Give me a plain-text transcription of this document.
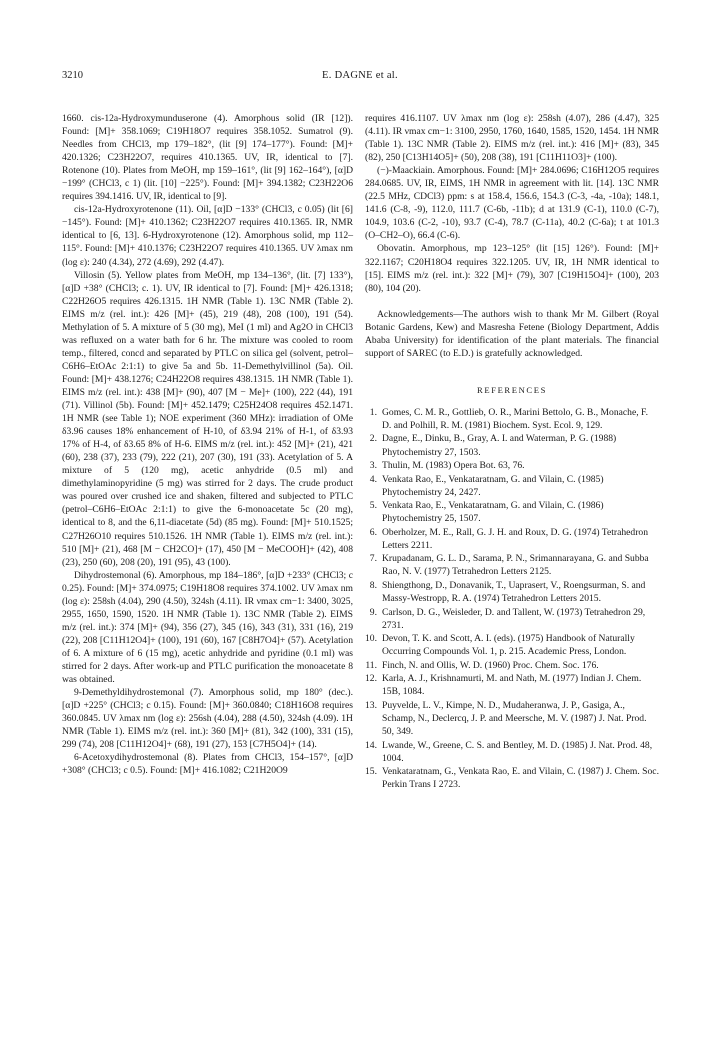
3210	E. DAGNE et al.

1660. cis-12a-Hydroxymunduserone (4). Amorphous solid (IR [12]). Found: [M]+ 358.1069; C19H18O7 requires 358.1052. Sumatrol (9). Needles from CHCl3, mp 179–182°, (lit [9] 174–177°). Found: [M]+ 420.1326; C23H22O7, requires 410.1365. UV, IR, identical to [7]. Rotenone (10). Plates from MeOH, mp 159–161°, (lit [9] 162–164°), [α]D −199° (CHCl3, c 1) (lit. [10] −225°). Found: [M]+ 394.1382; C23H22O6 requires 394.1416. UV, IR, identical to [9].

cis-12a-Hydroxyrotenone (11). Oil, [α]D −133° (CHCl3, c 0.05) (lit [6] −145°). Found: [M]+ 410.1362; C23H22O7 requires 410.1365. IR, NMR identical to [6, 13]. 6-Hydroxyrotenone (12). Amorphous solid, mp 112–115°. Found: [M]+ 410.1376; C23H22O7 requires 410.1365. UV λmax nm (log ε): 240 (4.34), 272 (4.69), 292 (4.47).

Villosin (5). Yellow plates from MeOH, mp 134–136°, (lit. [7] 133°), [α]D +38° (CHCl3; c. 1). UV, IR identical to [7]. Found: [M]+ 426.1318; C22H26O5 requires 426.1315. 1H NMR (Table 1). 13C NMR (Table 2). EIMS m/z (rel. int.): 426 [M]+ (45), 219 (48), 208 (100), 191 (54). Methylation of 5. A mixture of 5 (30 mg), MeI (1 ml) and Ag2O in CHCl3 was refluxed on a water bath for 6 hr. The mixture was cooled to room temp., filtered, concd and separated by PTLC on silica gel (solvent, petrol–C6H6–EtOAc 2:1:1) to give 5a and 5b. 11-Demethylvillinol (5a). Oil. Found: [M]+ 438.1276; C24H22O8 requires 438.1315. 1H NMR (Table 1). EIMS m/z (rel. int.): 438 [M]+ (90), 407 [M − Me]+ (100), 222 (44), 191 (71). Villinol (5b). Found: [M]+ 452.1479; C25H24O8 requires 452.1471. 1H NMR (see Table 1); NOE experiment (360 MHz): irradiation of OMe δ3.96 causes 18% enhancement of H-10, of δ3.94 21% of H-1, of δ3.93 17% of H-4, of δ3.65 8% of H-6. EIMS m/z (rel. int.): 452 [M]+ (21), 421 (60), 238 (37), 233 (79), 222 (21), 207 (30), 191 (33). Acetylation of 5. A mixture of 5 (120 mg), acetic anhydride (0.5 ml) and dimethylaminopyridine (5 mg) was stirred for 2 days. The crude product was poured over crushed ice and shaken, filtered and subjected to PTLC (petrol–C6H6–EtOAc 2:1:1) to give the 6-monoacetate 5c (20 mg), identical to 8, and the 6,11-diacetate (5d) (85 mg). Found: [M]+ 510.1525; C27H26O10 requires 510.1526. 1H NMR (Table 1). EIMS m/z (rel. int.): 510 [M]+ (21), 468 [M − CH2CO]+ (17), 450 [M − MeCOOH]+ (42), 408 (23), 250 (60), 208 (20), 191 (95), 43 (100).

Dihydrostemonal (6). Amorphous, mp 184–186°, [α]D +233° (CHCl3; c 0.25). Found: [M]+ 374.0975; C19H18O8 requires 374.1002. UV λmax nm (log ε): 258sh (4.04), 290 (4.50), 324sh (4.11). IR νmax cm−1: 3400, 3025, 2955, 1650, 1590, 1520. 1H NMR (Table 1). 13C NMR (Table 2). EIMS m/z (rel. int.): 374 [M]+ (94), 356 (27), 345 (16), 343 (31), 331 (16), 219 (22), 208 [C11H12O4]+ (100), 191 (60), 167 [C8H7O4]+ (57). Acetylation of 6. A mixture of 6 (15 mg), acetic anhydride and pyridine (0.1 ml) was stirred for 2 days. After work-up and PTLC purification the monoacetate 8 was obtained.

9-Demethyldihydrostemonal (7). Amorphous solid, mp 180° (dec.). [α]D +225° (CHCl3; c 0.15). Found: [M]+ 360.0840; C18H16O8 requires 360.0845. UV λmax nm (log ε): 256sh (4.04), 288 (4.50), 324sh (4.09). 1H NMR (Table 1). EIMS m/z (rel. int.): 360 [M]+ (81), 342 (100), 331 (15), 299 (74), 208 [C11H12O4]+ (68), 191 (27), 153 [C7H5O4]+ (14).

6-Acetoxydihydrostemonal (8). Plates from CHCl3, 154–157°, [α]D +308° (CHCl3; c 0.5). Found: [M]+ 416.1082; C21H20O9

requires 416.1107. UV λmax nm (log ε): 258sh (4.07), 286 (4.47), 325 (4.11). IR νmax cm−1: 3100, 2950, 1760, 1640, 1585, 1520, 1454. 1H NMR (Table 1). 13C NMR (Table 2). EIMS m/z (rel. int.): 416 [M]+ (83), 345 (82), 250 [C13H14O5]+ (50), 208 (38), 191 [C11H11O3]+ (100).

(−)-Maackiain. Amorphous. Found: [M]+ 284.0696; C16H12O5 requires 284.0685. UV, IR, EIMS, 1H NMR in agreement with lit. [14]. 13C NMR (22.5 MHz, CDCl3) ppm: s at 158.4, 156.6, 154.3 (C-3, -4a, -10a); 148.1, 141.6 (C-8, -9), 112.0, 111.7 (C-6b, -11b); d at 131.9 (C-1), 110.0 (C-7), 104.9, 103.6 (C-2, -10), 93.7 (C-4), 78.7 (C-11a), 40.2 (C-6a); t at 101.3 (O–CH2–O), 66.4 (C-6).

Obovatin. Amorphous, mp 123–125° (lit [15] 126°). Found: [M]+ 322.1167; C20H18O4 requires 322.1205. UV, IR, 1H NMR identical to [15]. EIMS m/z (rel. int.): 322 [M]+ (79), 307 [C19H15O4]+ (100), 203 (80), 104 (20).

Acknowledgements—The authors wish to thank Mr M. Gilbert (Royal Botanic Gardens, Kew) and Masresha Fetene (Biology Department, Addis Ababa University) for identification of the plant materials. The financial support of SAREC (to E.D.) is gratefully acknowledged.

REFERENCES
1. Gomes, C. M. R., Gottlieb, O. R., Marini Bettolo, G. B., Monache, F. D. and Polhill, R. M. (1981) Biochem. Syst. Ecol. 9, 129.
2. Dagne, E., Dinku, B., Gray, A. I. and Waterman, P. G. (1988) Phytochemistry 27, 1503.
3. Thulin, M. (1983) Opera Bot. 63, 76.
4. Venkata Rao, E., Venkataratnam, G. and Vilain, C. (1985) Phytochemistry 24, 2427.
5. Venkata Rao, E., Venkataratnam, G. and Vilain, C. (1986) Phytochemistry 25, 1507.
6. Oberholzer, M. E., Rall, G. J. H. and Roux, D. G. (1974) Tetrahedron Letters 2211.
7. Krupadanam, G. L. D., Sarama, P. N., Srimannarayana, G. and Subba Rao, N. V. (1977) Tetrahedron Letters 2125.
8. Shiengthong, D., Donavanik, T., Uaprasert, V., Roengsurman, S. and Massy-Westropp, R. A. (1974) Tetrahedron Letters 2015.
9. Carlson, D. G., Weisleder, D. and Tallent, W. (1973) Tetrahedron 29, 2731.
10. Devon, T. K. and Scott, A. I. (eds). (1975) Handbook of Naturally Occurring Compounds Vol. 1, p. 215. Academic Press, London.
11. Finch, N. and Ollis, W. D. (1960) Proc. Chem. Soc. 176.
12. Karla, A. J., Krishnamurti, M. and Nath, M. (1977) Indian J. Chem. 15B, 1084.
13. Puyvelde, L. V., Kimpe, N. D., Mudaheranwa, J. P., Gasiga, A., Schamp, N., Declercq, J. P. and Meersche, M. V. (1987) J. Nat. Prod. 50, 349.
14. Lwande, W., Greene, C. S. and Bentley, M. D. (1985) J. Nat. Prod. 48, 1004.
15. Venkataratnam, G., Venkata Rao, E. and Vilain, C. (1987) J. Chem. Soc. Perkin Trans I 2723.
